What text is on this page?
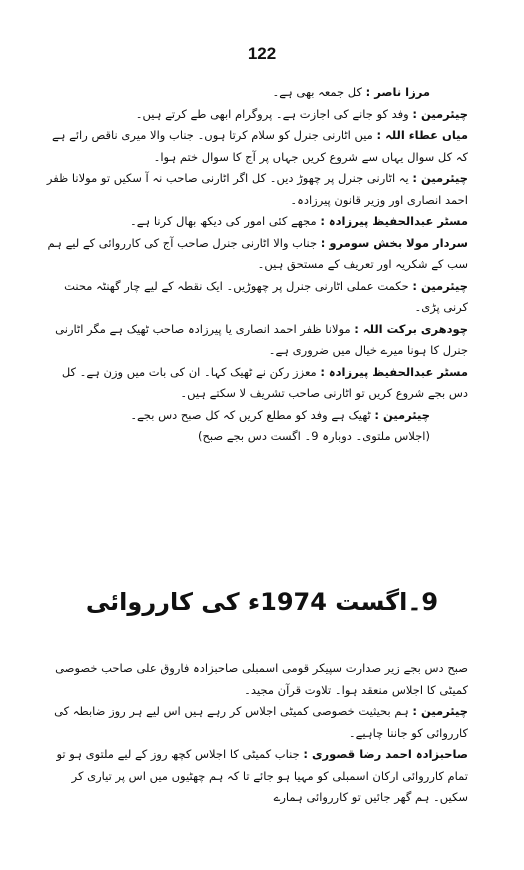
122

مرزا ناصر : کل جمعہ بھی ہے۔

چیئرمین : وفد کو جانے کی اجازت ہے۔ پروگرام ابھی طے کرتے ہیں۔

میاں عطاء اللہ : میں اٹارنی جنرل کو سلام کرتا ہوں۔ جناب والا میری ناقص رائے ہے کہ کل سوال یہاں سے شروع کریں جہاں پر آج کا سوال ختم ہوا۔

چیئرمین : یہ اٹارنی جنرل پر چھوڑ دیں۔ کل اگر اٹارنی صاحب نہ آ سکیں تو مولانا ظفر احمد انصاری اور وزیر قانون پیرزادہ۔

مسٹر عبدالحفیظ پیرزادہ : مجھے کئی امور کی دیکھ بھال کرنا ہے۔

سردار مولا بخش سومرو : جناب والا اٹارنی جنرل صاحب آج کی کارروائی کے لیے ہم سب کے شکریہ اور تعریف کے مستحق ہیں۔

چیئرمین : حکمت عملی اٹارنی جنرل پر چھوڑیں۔ ایک نقطہ کے لیے چار گھنٹہ محنت کرنی پڑی۔

چودھری برکت اللہ : مولانا ظفر احمد انصاری یا پیرزادہ صاحب ٹھیک ہے مگر اٹارنی جنرل کا ہونا میرے خیال میں ضروری ہے۔

مسٹر عبدالحفیظ پیرزادہ : معزز رکن نے ٹھیک کہا۔ ان کی بات میں وزن ہے۔ کل دس بجے شروع کریں تو اٹارنی صاحب تشریف لا سکتے ہیں۔

چیئرمین : ٹھیک ہے وفد کو مطلع کریں کہ کل صبح دس بجے۔

(اجلاس ملتوی۔ دوبارہ 9۔ اگست دس بجے صبح)

9۔اگست 1974ء کی کارروائی

صبح دس بجے زیر صدارت سپیکر قومی اسمبلی صاحبزادہ فاروق علی صاحب خصوصی کمیٹی کا اجلاس منعقد ہوا۔ تلاوت قرآن مجید۔

چیئرمین : ہم بحیثیت خصوصی کمیٹی اجلاس کر رہے ہیں اس لیے ہر روز ضابطہ کی کارروائی کو جاننا چاہیے۔

صاحبزادہ احمد رضا قصوری : جناب کمیٹی کا اجلاس کچھ روز کے لیے ملتوی ہو تو تمام کارروائی ارکان اسمبلی کو مہیا ہو جائے تا کہ ہم چھٹیوں میں اس پر تیاری کر سکیں۔ ہم گھر جائیں تو کارروائی ہمارے
